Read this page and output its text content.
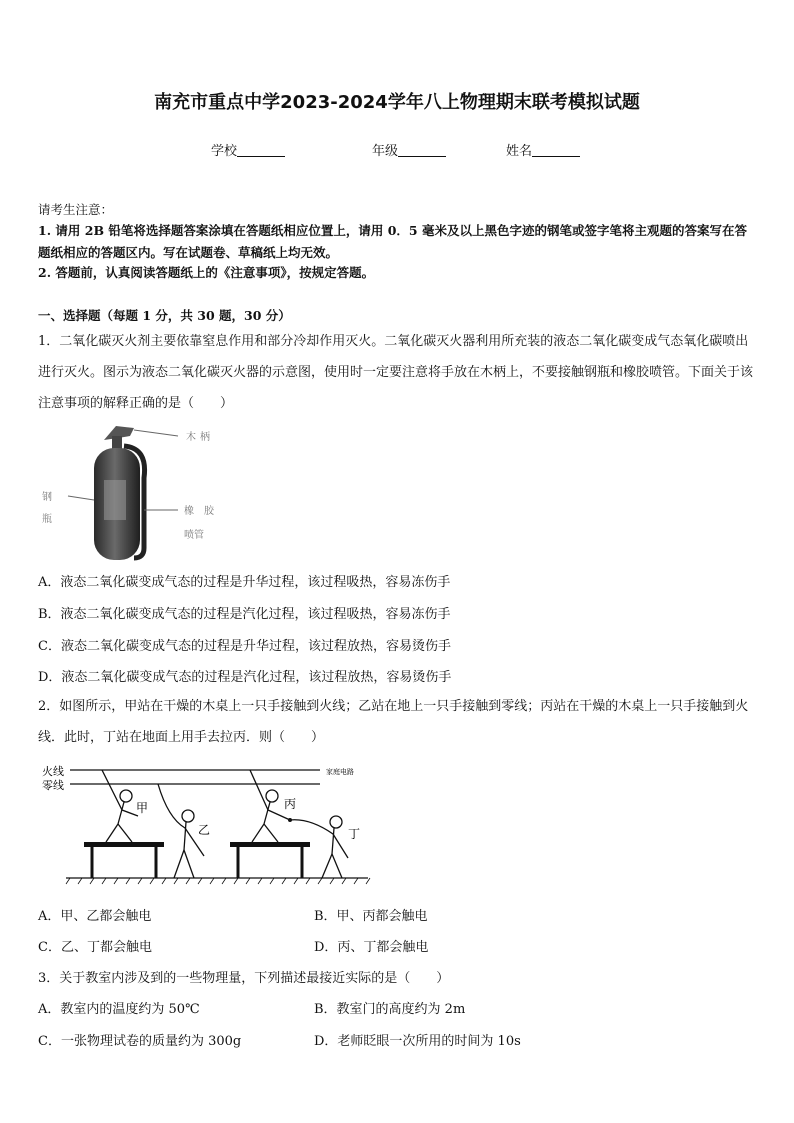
南充市重点中学2023-2024学年八上物理期末联考模拟试题
学校	年级	姓名
请考生注意：
1. 请用 2B 铅笔将选择题答案涂填在答题纸相应位置上，请用 0．5 毫米及以上黑色字迹的钢笔或签字笔将主观题的答案写在答题纸相应的答题区内。写在试题卷、草稿纸上均无效。
2. 答题前，认真阅读答题纸上的《注意事项》，按规定答题。
一、选择题（每题 1 分，共 30 题，30 分）
1．二氧化碳灭火剂主要依靠窒息作用和部分冷却作用灭火。二氧化碳灭火器利用所充装的液态二氧化碳变成气态氧化碳喷出进行灭火。图示为液态二氧化碳灭火器的示意图，使用时一定要注意将手放在木柄上，不要接触钢瓶和橡胶喷管。下面关于该注意事项的解释正确的是（　　）
木 柄
钢
瓶
橡　胶
喷管
A．液态二氧化碳变成气态的过程是升华过程，该过程吸热，容易冻伤手
B．液态二氧化碳变成气态的过程是汽化过程，该过程吸热，容易冻伤手
C．液态二氧化碳变成气态的过程是升华过程，该过程放热，容易烫伤手
D．液态二氧化碳变成气态的过程是汽化过程，该过程放热，容易烫伤手
2．如图所示，甲站在干燥的木桌上一只手接触到火线；乙站在地上一只手接触到零线；丙站在干燥的木桌上一只手接触到火线．此时，丁站在地面上用手去拉丙．则（　　）
火线
零线
家庭电路
甲
乙
丙
丁
A．甲、乙都会触电	B．甲、丙都会触电
C．乙、丁都会触电	D．丙、丁都会触电
3．关于教室内涉及到的一些物理量，下列描述最接近实际的是（　　）
A．教室内的温度约为 50℃	B．教室门的高度约为 2m
C．一张物理试卷的质量约为 300g	D．老师眨眼一次所用的时间为 10s
